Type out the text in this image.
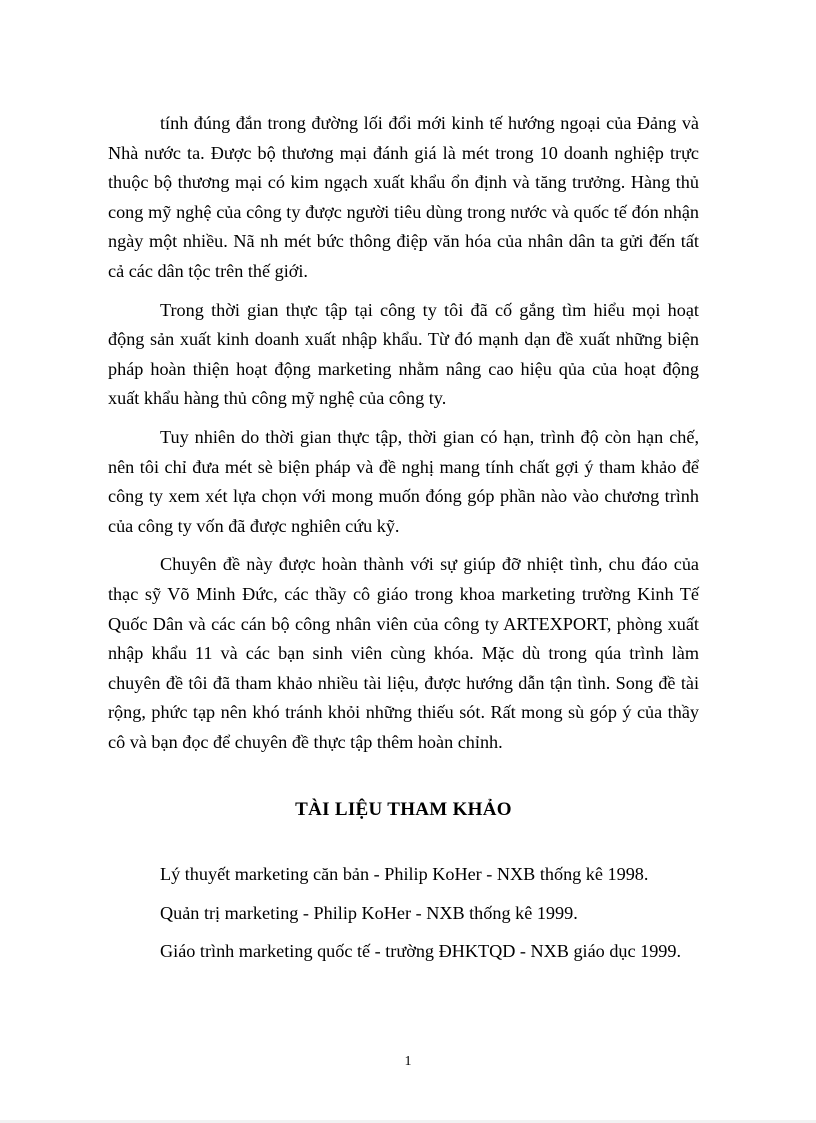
tính đúng đắn trong đường lối đổi mới kinh tế hướng ngoại của Đảng và Nhà nước ta. Được bộ thương mại đánh giá là mét trong 10 doanh nghiệp trực thuộc bộ thương mại có kim ngạch xuất khẩu ổn định và tăng trưởng. Hàng thủ cong mỹ nghệ của công ty được người tiêu dùng trong nước và quốc tế đón nhận ngày một nhiều. Nã nh mét bức thông điệp văn hóa của nhân dân ta gửi đến tất cả các dân tộc trên thế giới.

Trong thời gian thực tập tại công ty tôi đã cố gắng tìm hiểu mọi hoạt động sản xuất kinh doanh xuất nhập khẩu. Từ đó mạnh dạn đề xuất những biện pháp hoàn thiện hoạt động marketing nhằm nâng cao hiệu qủa của hoạt động xuất khẩu hàng thủ công mỹ nghệ của công ty.

Tuy nhiên do thời gian thực tập, thời gian có hạn, trình độ còn hạn chế, nên tôi chỉ đưa mét sè biện pháp và đề nghị mang tính chất gợi ý tham khảo để công ty xem xét lựa chọn với mong muốn đóng góp phần nào vào chương trình của công ty vốn đã được nghiên cứu kỹ.

Chuyên đề này được hoàn thành với sự giúp đỡ nhiệt tình, chu đáo của thạc sỹ Võ Minh Đức, các thầy cô giáo trong khoa marketing trường Kinh Tế Quốc Dân và các cán bộ công nhân viên của công ty ARTEXPORT, phòng xuất nhập khẩu 11 và các bạn sinh viên cùng khóa. Mặc dù trong qúa trình làm chuyên đề tôi đã tham khảo nhiều tài liệu, được hướng dẫn tận tình. Song đề tài rộng, phức tạp nên khó tránh khỏi những thiếu sót. Rất mong sù góp ý của thầy cô và bạn đọc để chuyên đề thực tập thêm hoàn chỉnh.

TÀI LIỆU THAM KHẢO
Lý thuyết marketing căn bản - Philip KoHer - NXB thống kê 1998.
Quản trị marketing - Philip KoHer - NXB thống kê 1999.
Giáo trình marketing quốc tế - trường ĐHKTQD - NXB giáo dục 1999.
1
